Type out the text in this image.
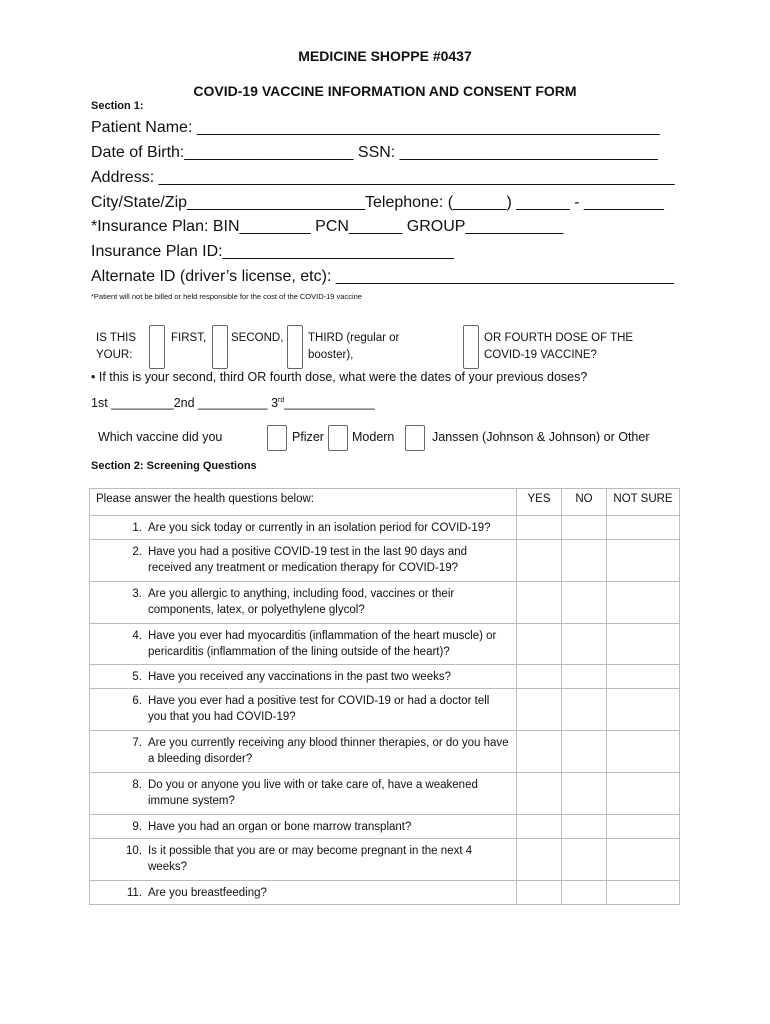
MEDICINE SHOPPE #0437
COVID-19 VACCINE INFORMATION AND CONSENT FORM
Section 1:
Patient Name: ____________________________________________________
Date of Birth:___________________ SSN: _____________________________
Address: __________________________________________________________
City/State/Zip____________________Telephone: (______) ______ - _________
*Insurance Plan: BIN________ PCN______ GROUP___________
Insurance Plan ID:__________________________
Alternate ID (driver’s license, etc): ______________________________________
*Patient will not be billed or held responsible for the cost of the COVID-19 vaccine
IS THIS YOUR:
FIRST, SECOND, THIRD (regular or booster),
OR FOURTH DOSE OF THE COVID-19 VACCINE?
• If this is your second, third OR fourth dose, what were the dates of your previous doses?
1st _________2nd __________ 3rd_____________
Which vaccine did you	Pfizer Modern	Janssen (Johnson & Johnson) or Other
Section 2: Screening Questions
Please answer the health questions below:	YES	NO	NOT SURE

1. Are you sick today or currently in an isolation period for COVID-19?			

2. Have you had a positive COVID-19 test in the last 90 days and received any treatment or medication therapy for COVID-19?			

3. Are you allergic to anything, including food, vaccines or their components, latex, or polyethylene glycol?			

4. Have you ever had myocarditis (inflammation of the heart muscle) or pericarditis (inflammation of the lining outside of the heart)?			

5. Have you received any vaccinations in the past two weeks?			

6. Have you ever had a positive test for COVID-19 or had a doctor tell you that you had COVID-19?			

7. Are you currently receiving any blood thinner therapies, or do you have a bleeding disorder?			

8. Do you or anyone you live with or take care of, have a weakened immune system?			

9. Have you had an organ or bone marrow transplant?			

10. Is it possible that you are or may become pregnant in the next 4 weeks?			

11. Are you breastfeeding?			
